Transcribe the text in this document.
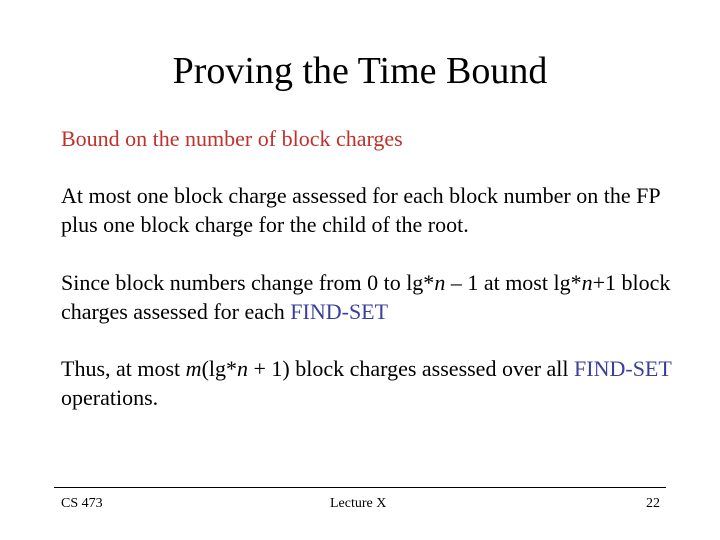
Proving the Time Bound

Bound on the number of block charges

At most one block charge assessed for each block number on the FP plus one block charge for the child of the root.

Since block numbers change from 0 to lg*n – 1 at most lg*n+1 block charges assessed for each FIND-SET

Thus, at most m(lg*n + 1) block charges assessed over all FIND-SET operations.

CS 473	Lecture X	22
